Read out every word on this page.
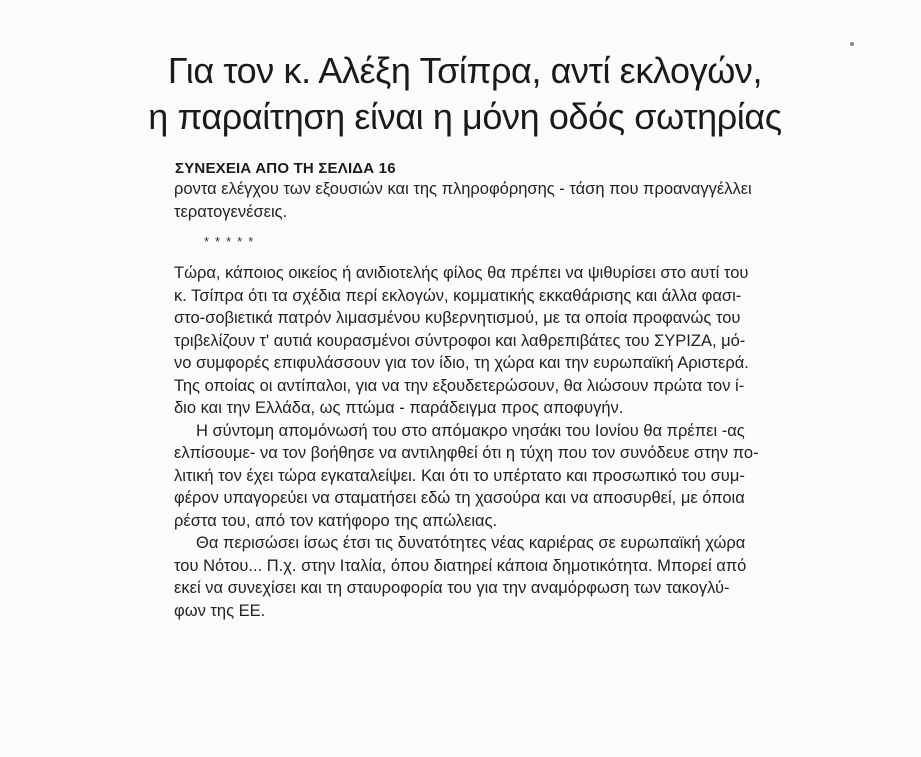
Για τον κ. Αλέξη Τσίπρα, αντί εκλογών,
η παραίτηση είναι η μόνη οδός σωτηρίας
ΣΥΝΕΧΕΙΑ ΑΠΟ ΤΗ ΣΕΛΙΔΑ 16
ροντα ελέγχου των εξουσιών και της πληροφόρησης - τάση που προαναγγέλλει
τερατογενέσεις.
*****

Τώρα, κάποιος οικείος ή ανιδιοτελής φίλος θα πρέπει να ψιθυρίσει στο αυτί του
κ. Τσίπρα ότι τα σχέδια περί εκλογών, κομματικής εκκαθάρισης και άλλα φασι-
στο-σοβιετικά πατρόν λιμασμένου κυβερνητισμού, με τα οποία προφανώς του
τριβελίζουν τ' αυτιά κουρασμένοι σύντροφοι και λαθρεπιβάτες του ΣΥΡΙΖΑ, μό-
νο συμφορές επιφυλάσσουν για τον ίδιο, τη χώρα και την ευρωπαϊκή Αριστερά.
Της οποίας οι αντίπαλοι, για να την εξουδετερώσουν, θα λιώσουν πρώτα τον ί-
διο και την Ελλάδα, ως πτώμα - παράδειγμα προς αποφυγήν.

Η σύντομη απομόνωσή του στο απόμακρο νησάκι του Ιονίου θα πρέπει -ας
ελπίσουμε- να τον βοήθησε να αντιληφθεί ότι η τύχη που τον συνόδευε στην πο-
λιτική τον έχει τώρα εγκαταλείψει. Και ότι το υπέρτατο και προσωπικό του συμ-
φέρον υπαγορεύει να σταματήσει εδώ τη χασούρα και να αποσυρθεί, με όποια
ρέστα του, από τον κατήφορο της απώλειας.

Θα περισώσει ίσως έτσι τις δυνατότητες νέας καριέρας σε ευρωπαϊκή χώρα
του Νότου... Π.χ. στην Ιταλία, όπου διατηρεί κάποια δημοτικότητα. Μπορεί από
εκεί να συνεχίσει και τη σταυροφορία του για την αναμόρφωση των τακογλύ-
φων της ΕΕ.
